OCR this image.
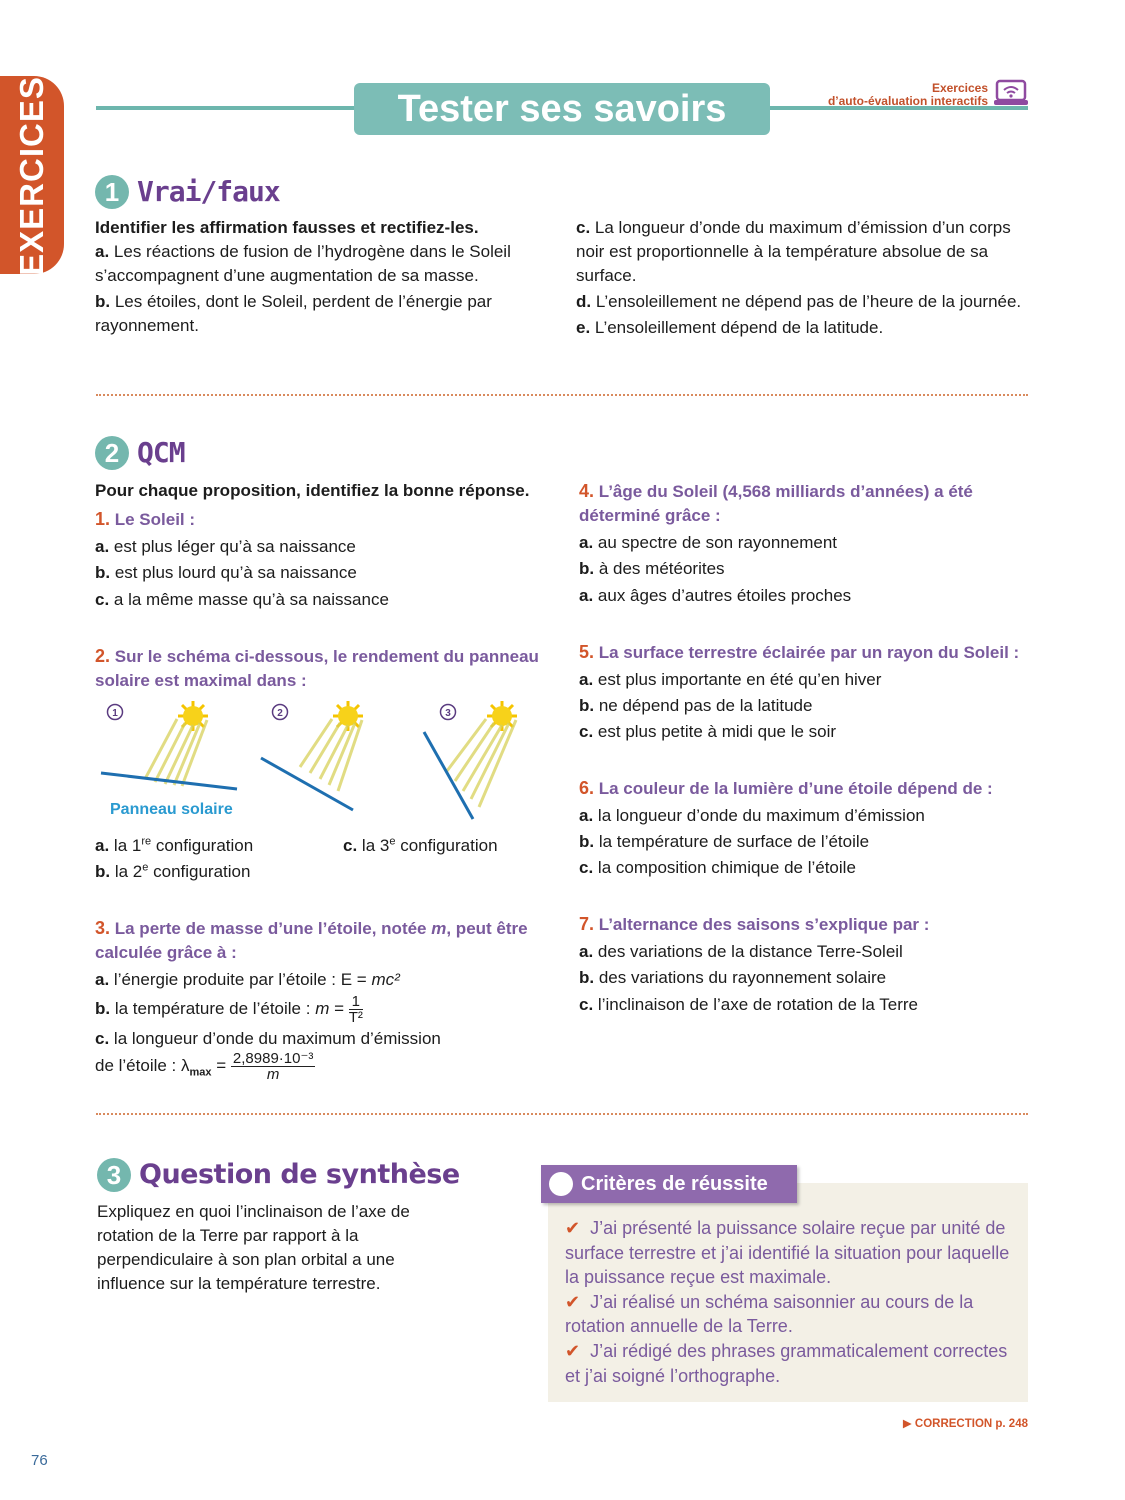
EXERCICES	Tester ses savoirs	Exercices
d’auto-évaluation interactifs
1 Vrai/faux

Identifier les affirmation fausses et rectifiez-les.

a. Les réactions de fusion de l’hydrogène dans le Soleil s’accompagnent d’une augmentation de sa masse.

b. Les étoiles, dont le Soleil, perdent de l’énergie par rayonnement.

c. La longueur d’onde du maximum d’émission d’un corps noir est proportionnelle à la température absolue de sa surface.

d. L’ensoleillement ne dépend pas de l’heure de la journée.

e. L’ensoleillement dépend de la latitude.

2 QCM

Pour chaque proposition, identifiez la bonne réponse.

1. Le Soleil :

a. est plus léger qu’à sa naissance

b. est plus lourd qu’à sa naissance

c. a la même masse qu’à sa naissance

2. Sur le schéma ci-dessous, le rendement du panneau solaire est maximal dans :

1	2	3
Panneau solaire

a. la 1re configuration

b. la 2e configuration

c. la 3e configuration

3. La perte de masse d’une l’étoile, notée m, peut être calculée grâce à :

a. l’énergie produite par l’étoile : E = mc²

b. la température de l’étoile : $m = \frac{1}{\text{T²}}$

c. la longueur d’onde du maximum d’émission

de l’étoile : $\lambda_{max} = \frac{\text{2,8989·10⁻³}}{m}$

4. L’âge du Soleil (4,568 milliards d’années) a été déterminé grâce :

a. au spectre de son rayonnement

b. à des météorites

a. aux âges d’autres étoiles proches

5. La surface terrestre éclairée par un rayon du Soleil :

a. est plus importante en été qu’en hiver

b. ne dépend pas de la latitude

c. est plus petite à midi que le soir

6. La couleur de la lumière d’une étoile dépend de :

a. la longueur d’onde du maximum d’émission

b. la température de surface de l’étoile

c. la composition chimique de l’étoile

7. L’alternance des saisons s’explique par :

a. des variations de la distance Terre-Soleil

b. des variations du rayonnement solaire

c. l’inclinaison de l’axe de rotation de la Terre

3 Question de synthèse
Expliquez en quoi l’inclinaison de l’axe de rotation de la Terre par rapport à la perpendiculaire à son plan orbital a une influence sur la température terrestre.
Critères de réussite
✔ J’ai présenté la puissance solaire reçue par unité de surface terrestre et j’ai identifié la situation pour laquelle la puissance reçue est maximale.
✔ J’ai réalisé un schéma saisonnier au cours de la rotation annuelle de la Terre.
✔ J’ai rédigé des phrases grammaticalement correctes et j’ai soigné l’orthographe.
▶ CORRECTION p. 248
76
